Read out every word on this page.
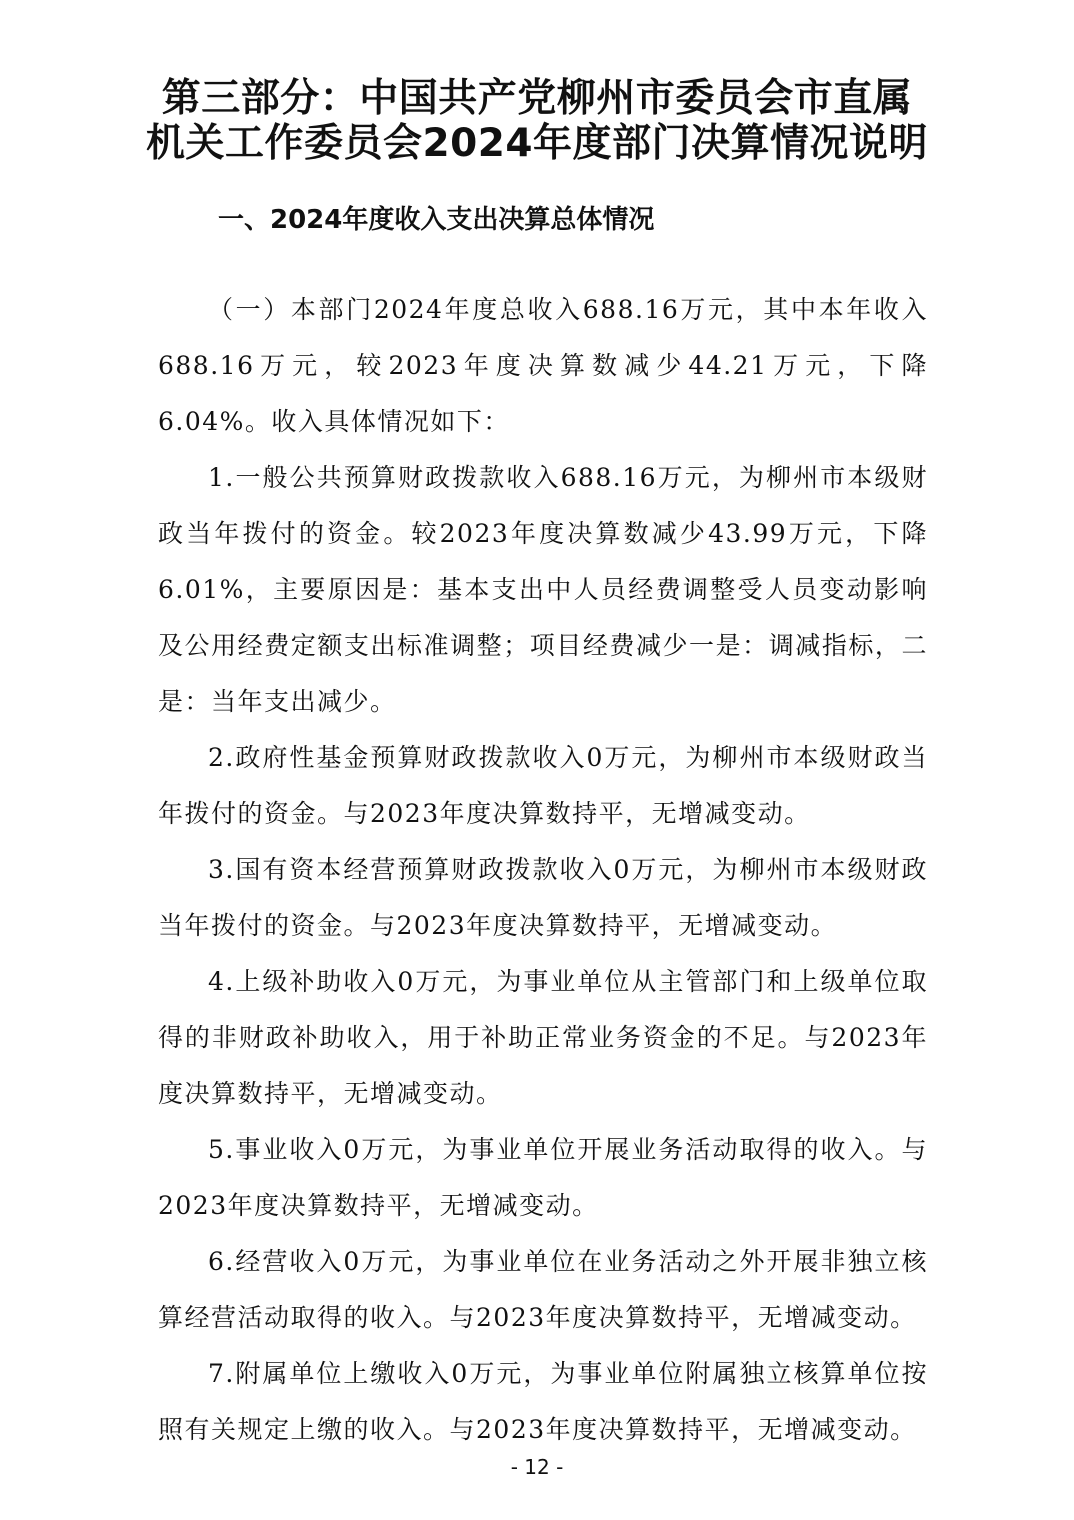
第三部分：中国共产党柳州市委员会市直属
机关工作委员会2024年度部门决算情况说明
一、2024年度收入支出决算总体情况

（一）本部门2024年度总收入688.16万元，其中本年收入688.16万元，较2023年度决算数减少44.21万元，下降6.04%。收入具体情况如下：

1.一般公共预算财政拨款收入688.16万元，为柳州市本级财政当年拨付的资金。较2023年度决算数减少43.99万元，下降6.01%，主要原因是：基本支出中人员经费调整受人员变动影响及公用经费定额支出标准调整；项目经费减少一是：调减指标，二是：当年支出减少。

2.政府性基金预算财政拨款收入0万元，为柳州市本级财政当年拨付的资金。与2023年度决算数持平，无增减变动。

3.国有资本经营预算财政拨款收入0万元，为柳州市本级财政当年拨付的资金。与2023年度决算数持平，无增减变动。

4.上级补助收入0万元，为事业单位从主管部门和上级单位取得的非财政补助收入，用于补助正常业务资金的不足。与2023年度决算数持平，无增减变动。

5.事业收入0万元，为事业单位开展业务活动取得的收入。与2023年度决算数持平，无增减变动。

6.经营收入0万元，为事业单位在业务活动之外开展非独立核算经营活动取得的收入。与2023年度决算数持平，无增减变动。

7.附属单位上缴收入0万元，为事业单位附属独立核算单位按照有关规定上缴的收入。与2023年度决算数持平，无增减变动。

- 12 -
